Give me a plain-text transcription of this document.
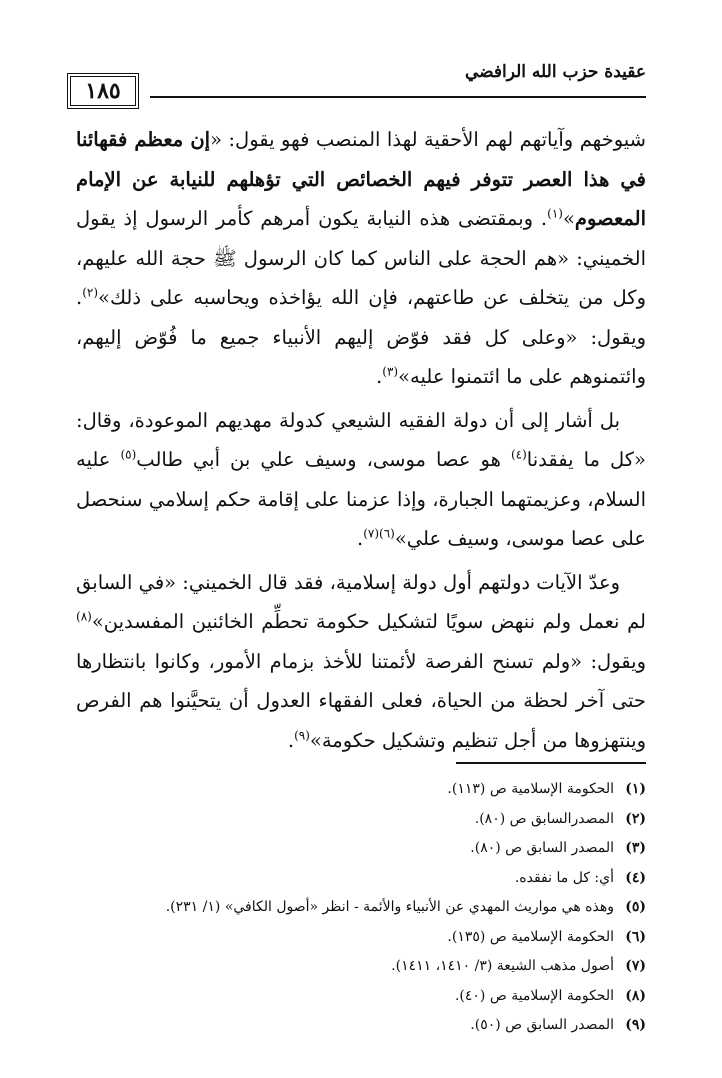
عقيدة حزب الله الرافضي
١٨٥

شيوخهم وآياتهم لهم الأحقية لهذا المنصب فهو يقول: «إن معظم فقهائنا في هذا العصر تتوفر فيهم الخصائص التي تؤهلهم للنيابة عن الإمام المعصوم»$^{(١)}$. وبمقتضى هذه النيابة يكون أمرهم كأمر الرسول إذ يقول الخميني: «هم الحجة على الناس كما كان الرسول ﷺ حجة الله عليهم، وكل من يتخلف عن طاعتهم، فإن الله يؤاخذه ويحاسبه على ذلك»$^{(٢)}$. ويقول: «وعلى كل فقد فوّض إليهم الأنبياء جميع ما فُوّض إليهم، وائتمنوهم على ما ائتمنوا عليه»$^{(٣)}$.

بل أشار إلى أن دولة الفقيه الشيعي كدولة مهديهم الموعودة، وقال: «كل ما يفقدنا$^{(٤)}$ هو عصا موسى، وسيف علي بن أبي طالب$^{(٥)}$ عليه السلام، وعزيمتهما الجبارة، وإذا عزمنا على إقامة حكم إسلامي سنحصل على عصا موسى، وسيف علي»$^{(٦)(٧)}$.

وعدّ الآيات دولتهم أول دولة إسلامية، فقد قال الخميني: «في السابق لم نعمل ولم ننهض سويًا لتشكيل حكومة تحطِّم الخائنين المفسدين»$^{(٨)}$ ويقول: «ولم تسنح الفرصة لأئمتنا للأخذ بزمام الأمور، وكانوا بانتظارها حتى آخر لحظة من الحياة، فعلى الفقهاء العدول أن يتحيَّنوا هم الفرص وينتهزوها من أجل تنظيم وتشكيل حكومة»$^{(٩)}$.

(١)الحكومة الإسلامية ص (١١٣).
(٢)المصدرالسابق ص (٨٠).
(٣)المصدر السابق ص (٨٠).
(٤)أي: كل ما نفقده.
(٥)وهذه هي مواريث المهدي عن الأنبياء والأئمة - انظر «أصول الكافي» (١/ ٢٣١).
(٦)الحكومة الإسلامية ص (١٣٥).
(٧)أصول مذهب الشيعة (٣/ ١٤١٠، ١٤١١).
(٨)الحكومة الإسلامية ص (٤٠).
(٩)المصدر السابق ص (٥٠).
